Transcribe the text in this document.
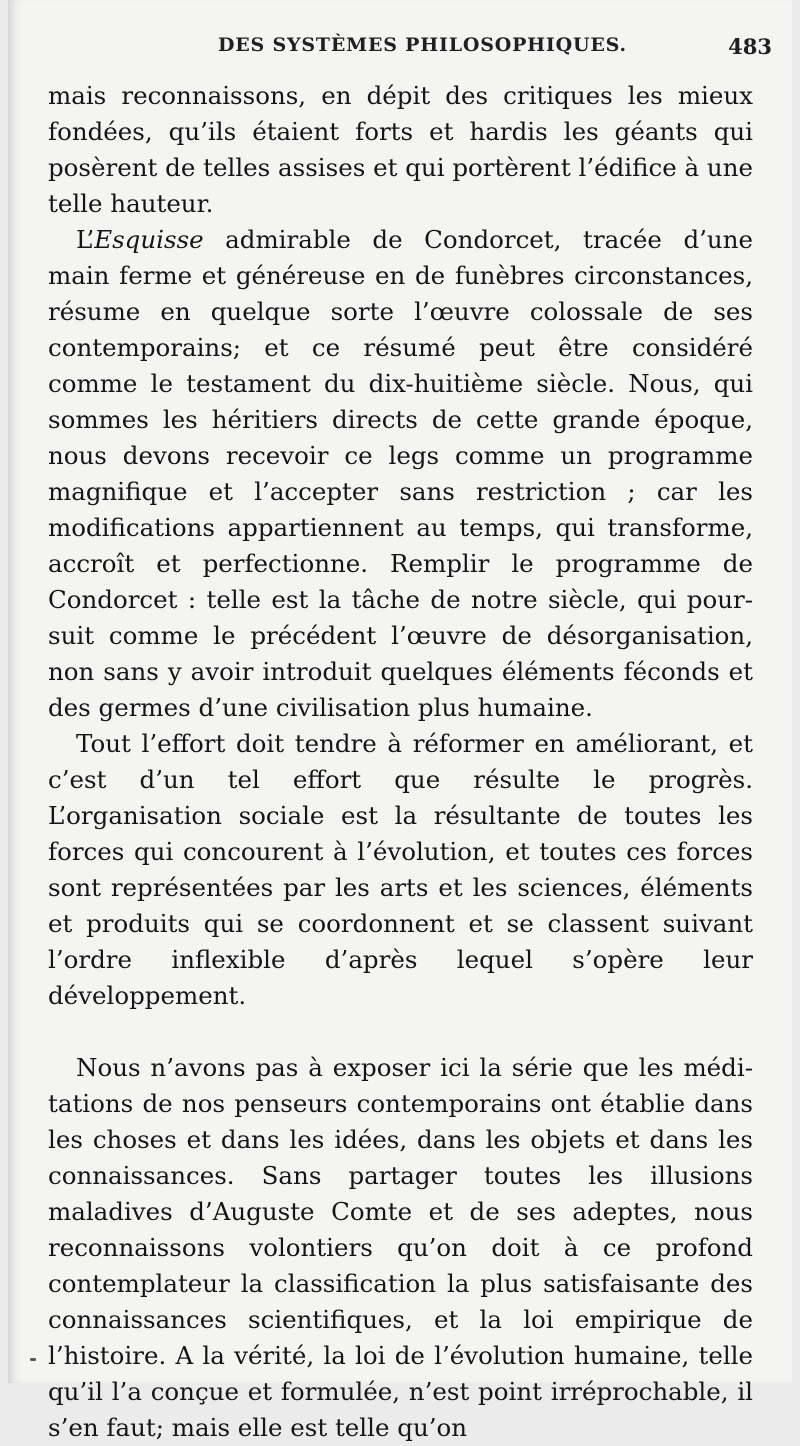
DES SYSTÈMES PHILOSOPHIQUES.	483

mais reconnaissons, en dépit des critiques les mieux fondées, qu’ils étaient forts et hardis les géants qui posèrent de telles assises et qui portèrent l’édifice à une telle hauteur.

L’Esquisse admirable de Condorcet, tracée d’une main ferme et généreuse en de funèbres circonstances, résume en quelque sorte l’œuvre colossale de ses contemporains; et ce résumé peut être considéré comme le testament du dix-huitième siècle. Nous, qui sommes les héritiers directs de cette grande époque, nous devons recevoir ce legs comme un programme magnifique et l’accepter sans restriction ; car les modifications appartiennent au temps, qui transforme, accroît et perfectionne. Remplir le programme de Condorcet : telle est la tâche de notre siècle, qui poursuit comme le précédent l’œuvre de désorganisation, non sans y avoir introduit quelques éléments féconds et des germes d’une civilisation plus humaine.

Tout l’effort doit tendre à réformer en améliorant, et c’est d’un tel effort que résulte le progrès. L’organisation sociale est la résultante de toutes les forces qui concourent à l’évolution, et toutes ces forces sont représentées par les arts et les sciences, éléments et produits qui se coordonnent et se classent suivant l’ordre inflexible d’après lequel s’opère leur développement.

Nous n’avons pas à exposer ici la série que les méditations de nos penseurs contemporains ont établie dans les choses et dans les idées, dans les objets et dans les connaissances. Sans partager toutes les illusions maladives d’Auguste Comte et de ses adeptes, nous reconnaissons volontiers qu’on doit à ce profond contemplateur la classification la plus satisfaisante des connaissances scientifiques, et la loi empirique de l’histoire. A la vérité, la loi de l’évolution humaine, telle qu’il l’a conçue et formulée, n’est point irréprochable, il s’en faut; mais elle est telle qu’on
